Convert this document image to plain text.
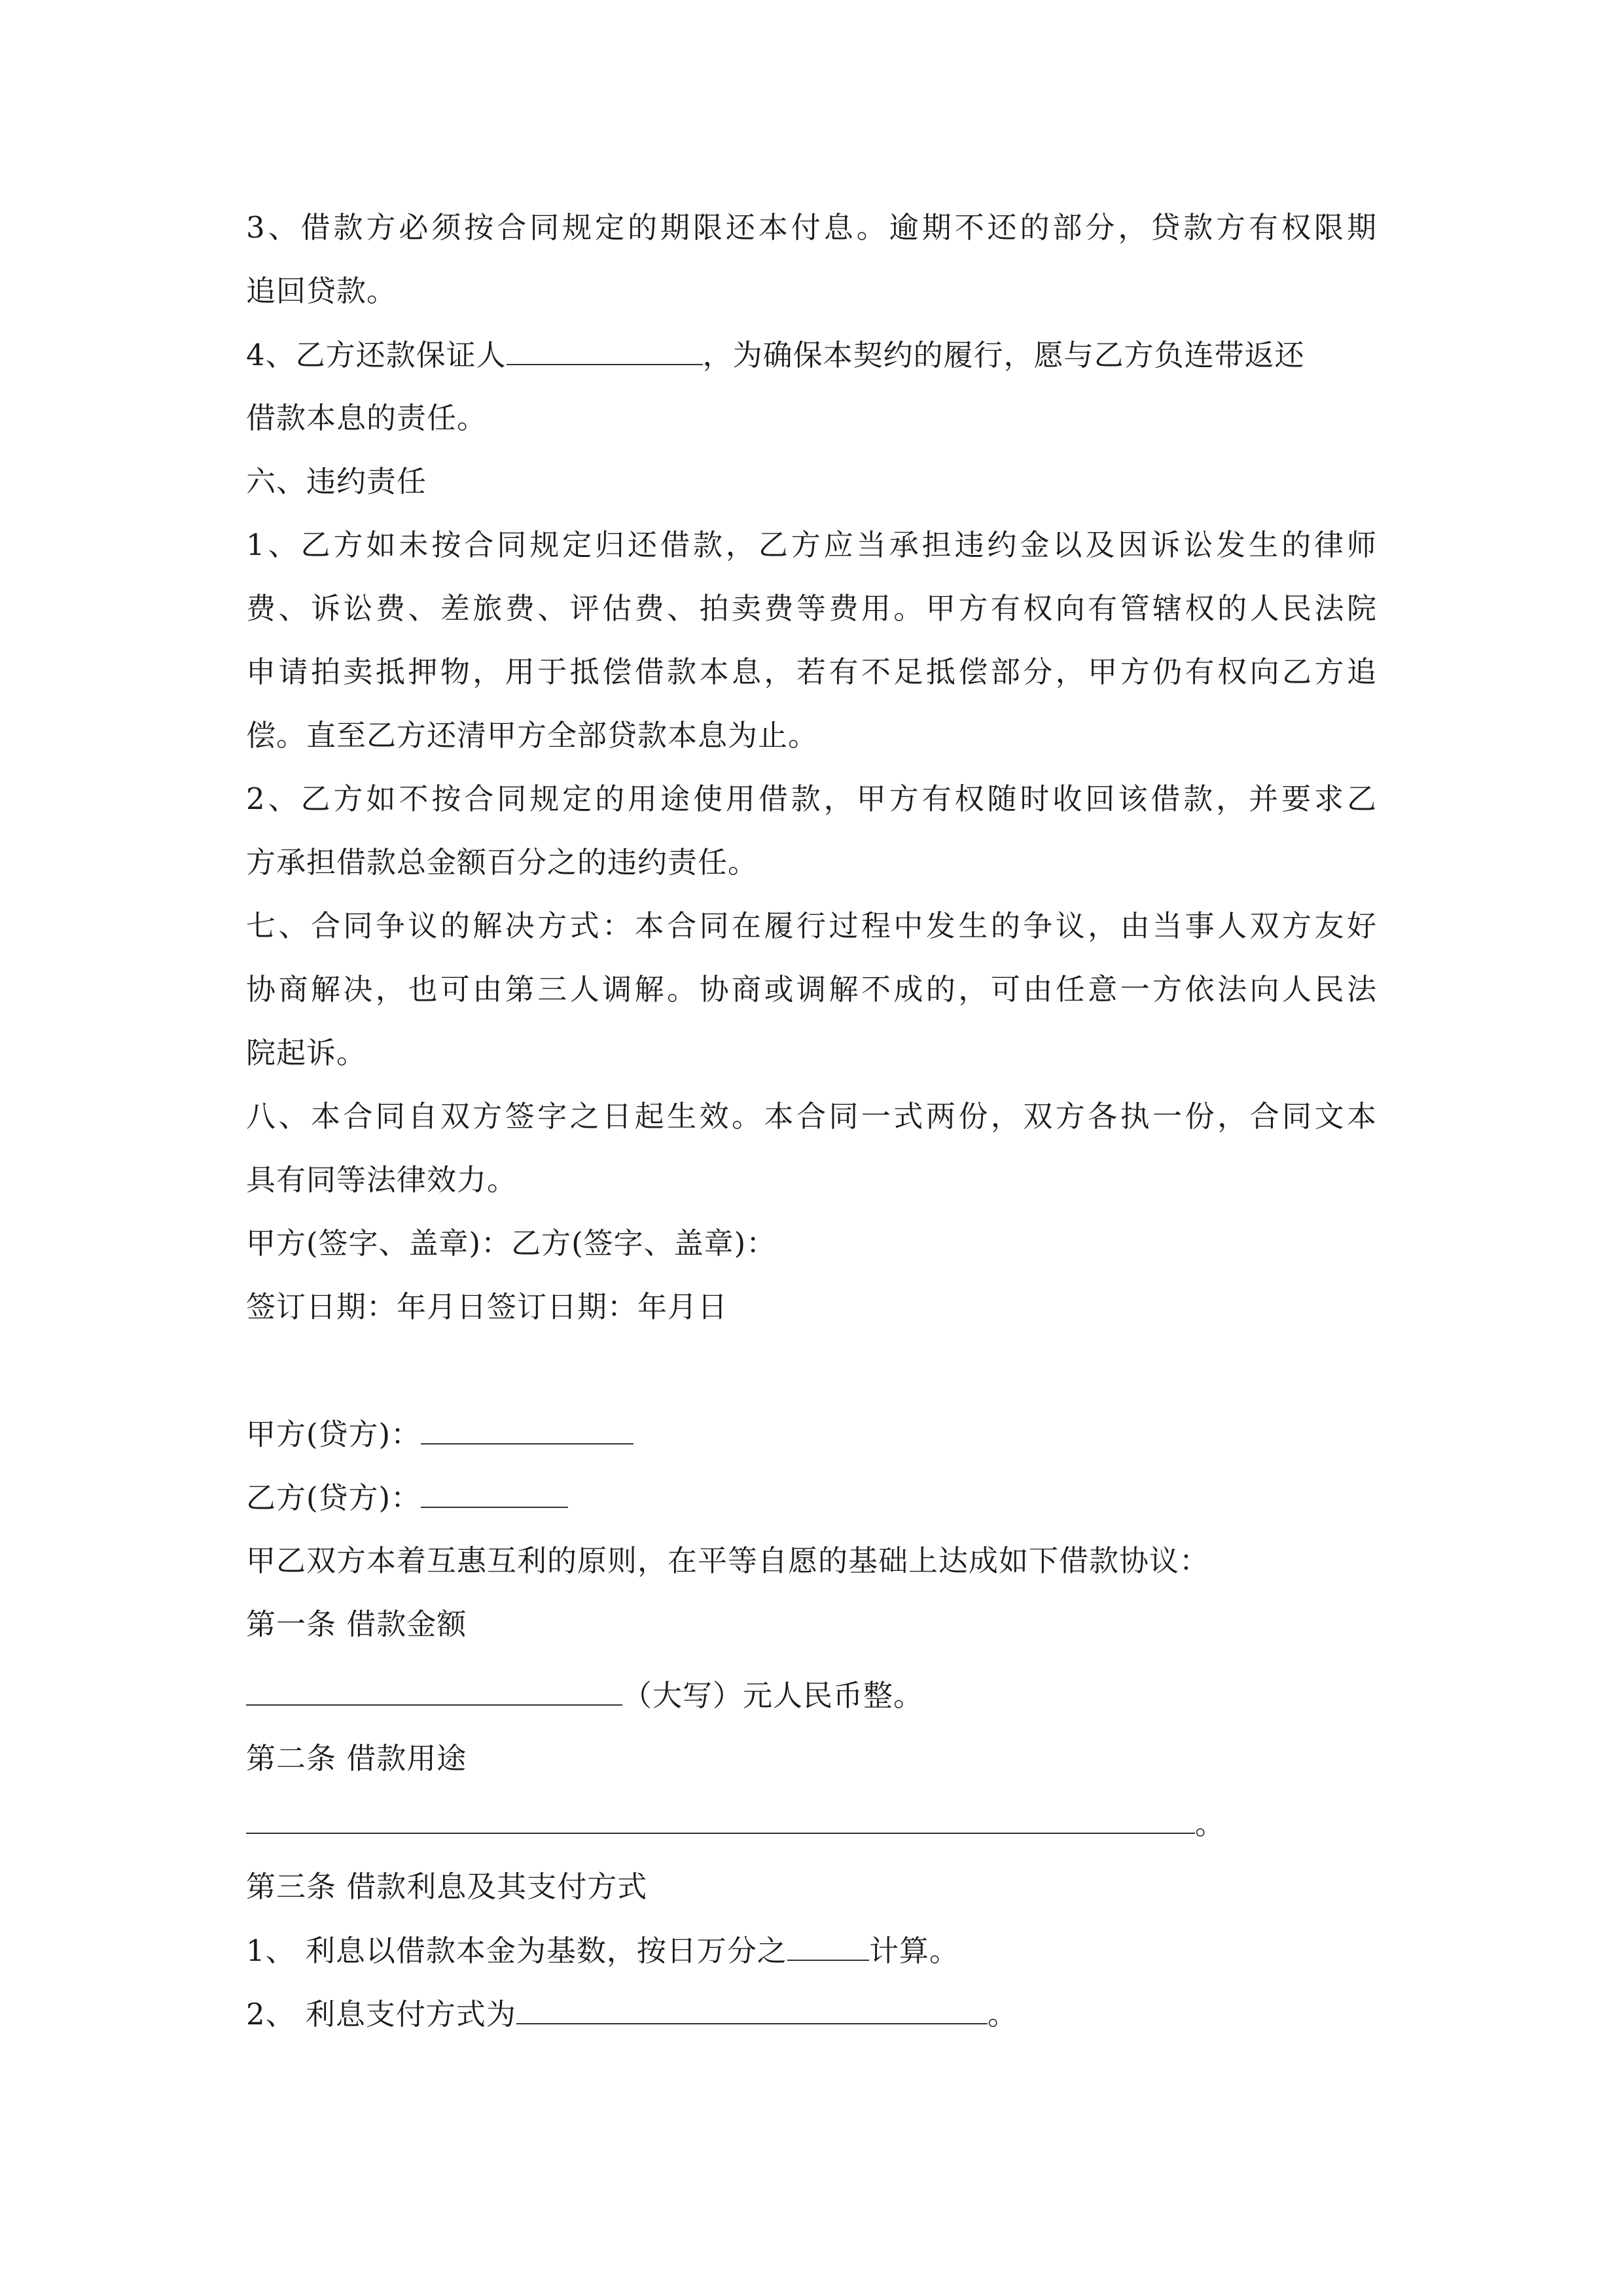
3、借款方必须按合同规定的期限还本付息。逾期不还的部分，贷款方有权限期
追回贷款。
4、乙方还款保证人	，为确保本契约的履行，愿与乙方负连带返还
借款本息的责任。
六、违约责任
1、乙方如未按合同规定归还借款，乙方应当承担违约金以及因诉讼发生的律师
费、诉讼费、差旅费、评估费、拍卖费等费用。甲方有权向有管辖权的人民法院
申请拍卖抵押物，用于抵偿借款本息，若有不足抵偿部分，甲方仍有权向乙方追
偿。直至乙方还清甲方全部贷款本息为止。
2、乙方如不按合同规定的用途使用借款，甲方有权随时收回该借款，并要求乙
方承担借款总金额百分之的违约责任。
七、合同争议的解决方式：本合同在履行过程中发生的争议，由当事人双方友好
协商解决，也可由第三人调解。协商或调解不成的，可由任意一方依法向人民法
院起诉。
八、本合同自双方签字之日起生效。本合同一式两份，双方各执一份，合同文本
具有同等法律效力。
甲方(签字、盖章)：乙方(签字、盖章)：
签订日期：年月日签订日期：年月日
甲方(贷方)：
乙方(贷方)：
甲乙双方本着互惠互利的原则，在平等自愿的基础上达成如下借款协议：
第一条 借款金额
（大写）元人民币整。
第二条 借款用途
。
第三条 借款利息及其支付方式
1、 利息以借款本金为基数，按日万分之	计算。
2、 利息支付方式为	。
